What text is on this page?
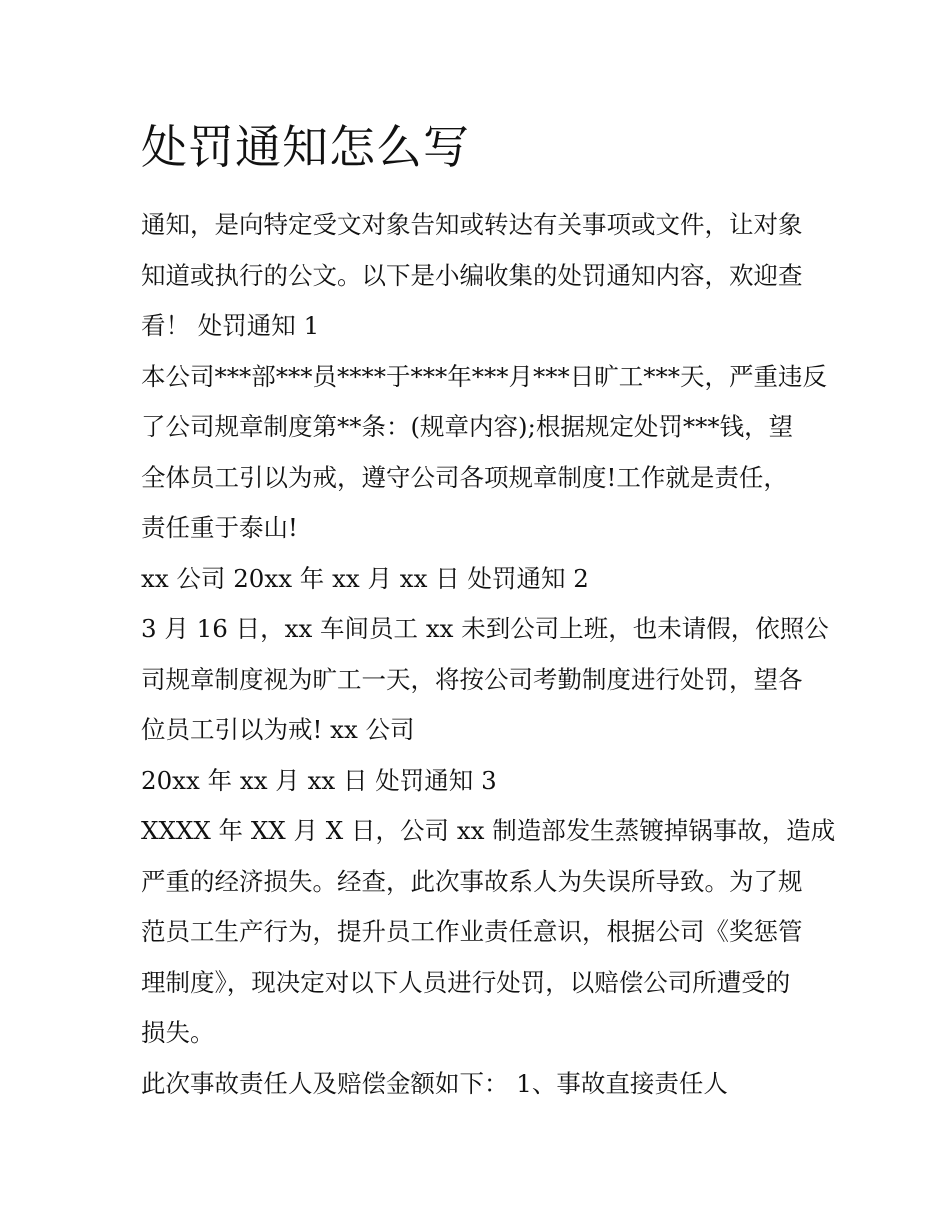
处罚通知怎么写

通知，是向特定受文对象告知或转达有关事项或文件，让对象

知道或执行的公文。以下是小编收集的处罚通知内容，欢迎查

看！ 处罚通知 1

本公司***部***员****于***年***月***日旷工***天，严重违反

了公司规章制度第**条：(规章内容);根据规定处罚***钱，望

全体员工引以为戒，遵守公司各项规章制度!工作就是责任，

责任重于泰山!

xx 公司 20xx 年 xx 月 xx 日 处罚通知 2

3 月 16 日，xx 车间员工 xx 未到公司上班，也未请假，依照公

司规章制度视为旷工一天，将按公司考勤制度进行处罚，望各

位员工引以为戒! xx 公司

20xx 年 xx 月 xx 日 处罚通知 3

XXXX 年 XX 月 X 日，公司 xx 制造部发生蒸镀掉锅事故，造成

严重的经济损失。经查，此次事故系人为失误所导致。为了规

范员工生产行为，提升员工作业责任意识，根据公司《奖惩管

理制度》，现决定对以下人员进行处罚，以赔偿公司所遭受的

损失。

此次事故责任人及赔偿金额如下： 1、事故直接责任人
